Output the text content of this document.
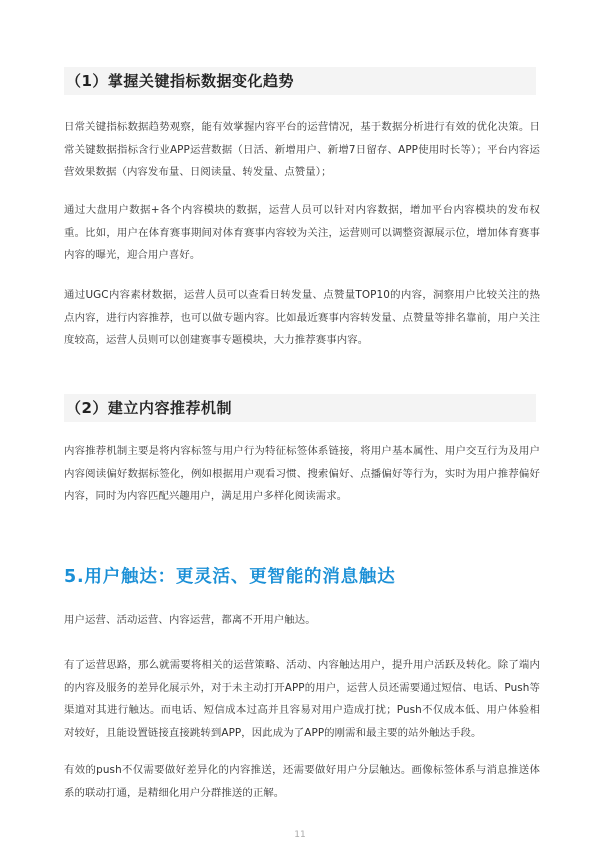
（1）掌握关键指标数据变化趋势
日常关键指标数据趋势观察，能有效掌握内容平台的运营情况，基于数据分析进行有效的优化决策。日常关键数据指标含行业APP运营数据（日活、新增用户、新增7日留存、APP使用时长等）；平台内容运营效果数据（内容发布量、日阅读量、转发量、点赞量）；
通过大盘用户数据+各个内容模块的数据，运营人员可以针对内容数据，增加平台内容模块的发布权重。比如，用户在体育赛事期间对体育赛事内容较为关注，运营则可以调整资源展示位，增加体育赛事内容的曝光，迎合用户喜好。
通过UGC内容素材数据，运营人员可以查看日转发量、点赞量TOP10的内容，洞察用户比较关注的热点内容，进行内容推荐，也可以做专题内容。比如最近赛事内容转发量、点赞量等排名靠前，用户关注度较高，运营人员则可以创建赛事专题模块，大力推荐赛事内容。
（2）建立内容推荐机制
内容推荐机制主要是将内容标签与用户行为特征标签体系链接，将用户基本属性、用户交互行为及用户内容阅读偏好数据标签化，例如根据用户观看习惯、搜索偏好、点播偏好等行为，实时为用户推荐偏好内容，同时为内容匹配兴趣用户，满足用户多样化阅读需求。
5.用户触达：更灵活、更智能的消息触达
用户运营、活动运营、内容运营，都离不开用户触达。
有了运营思路，那么就需要将相关的运营策略、活动、内容触达用户，提升用户活跃及转化。除了端内的内容及服务的差异化展示外，对于未主动打开APP的用户，运营人员还需要通过短信、电话、Push等渠道对其进行触达。而电话、短信成本过高并且容易对用户造成打扰；Push不仅成本低、用户体验相对较好，且能设置链接直接跳转到APP，因此成为了APP的刚需和最主要的站外触达手段。
有效的push不仅需要做好差异化的内容推送，还需要做好用户分层触达。画像标签体系与消息推送体系的联动打通，是精细化用户分群推送的正解。
11
